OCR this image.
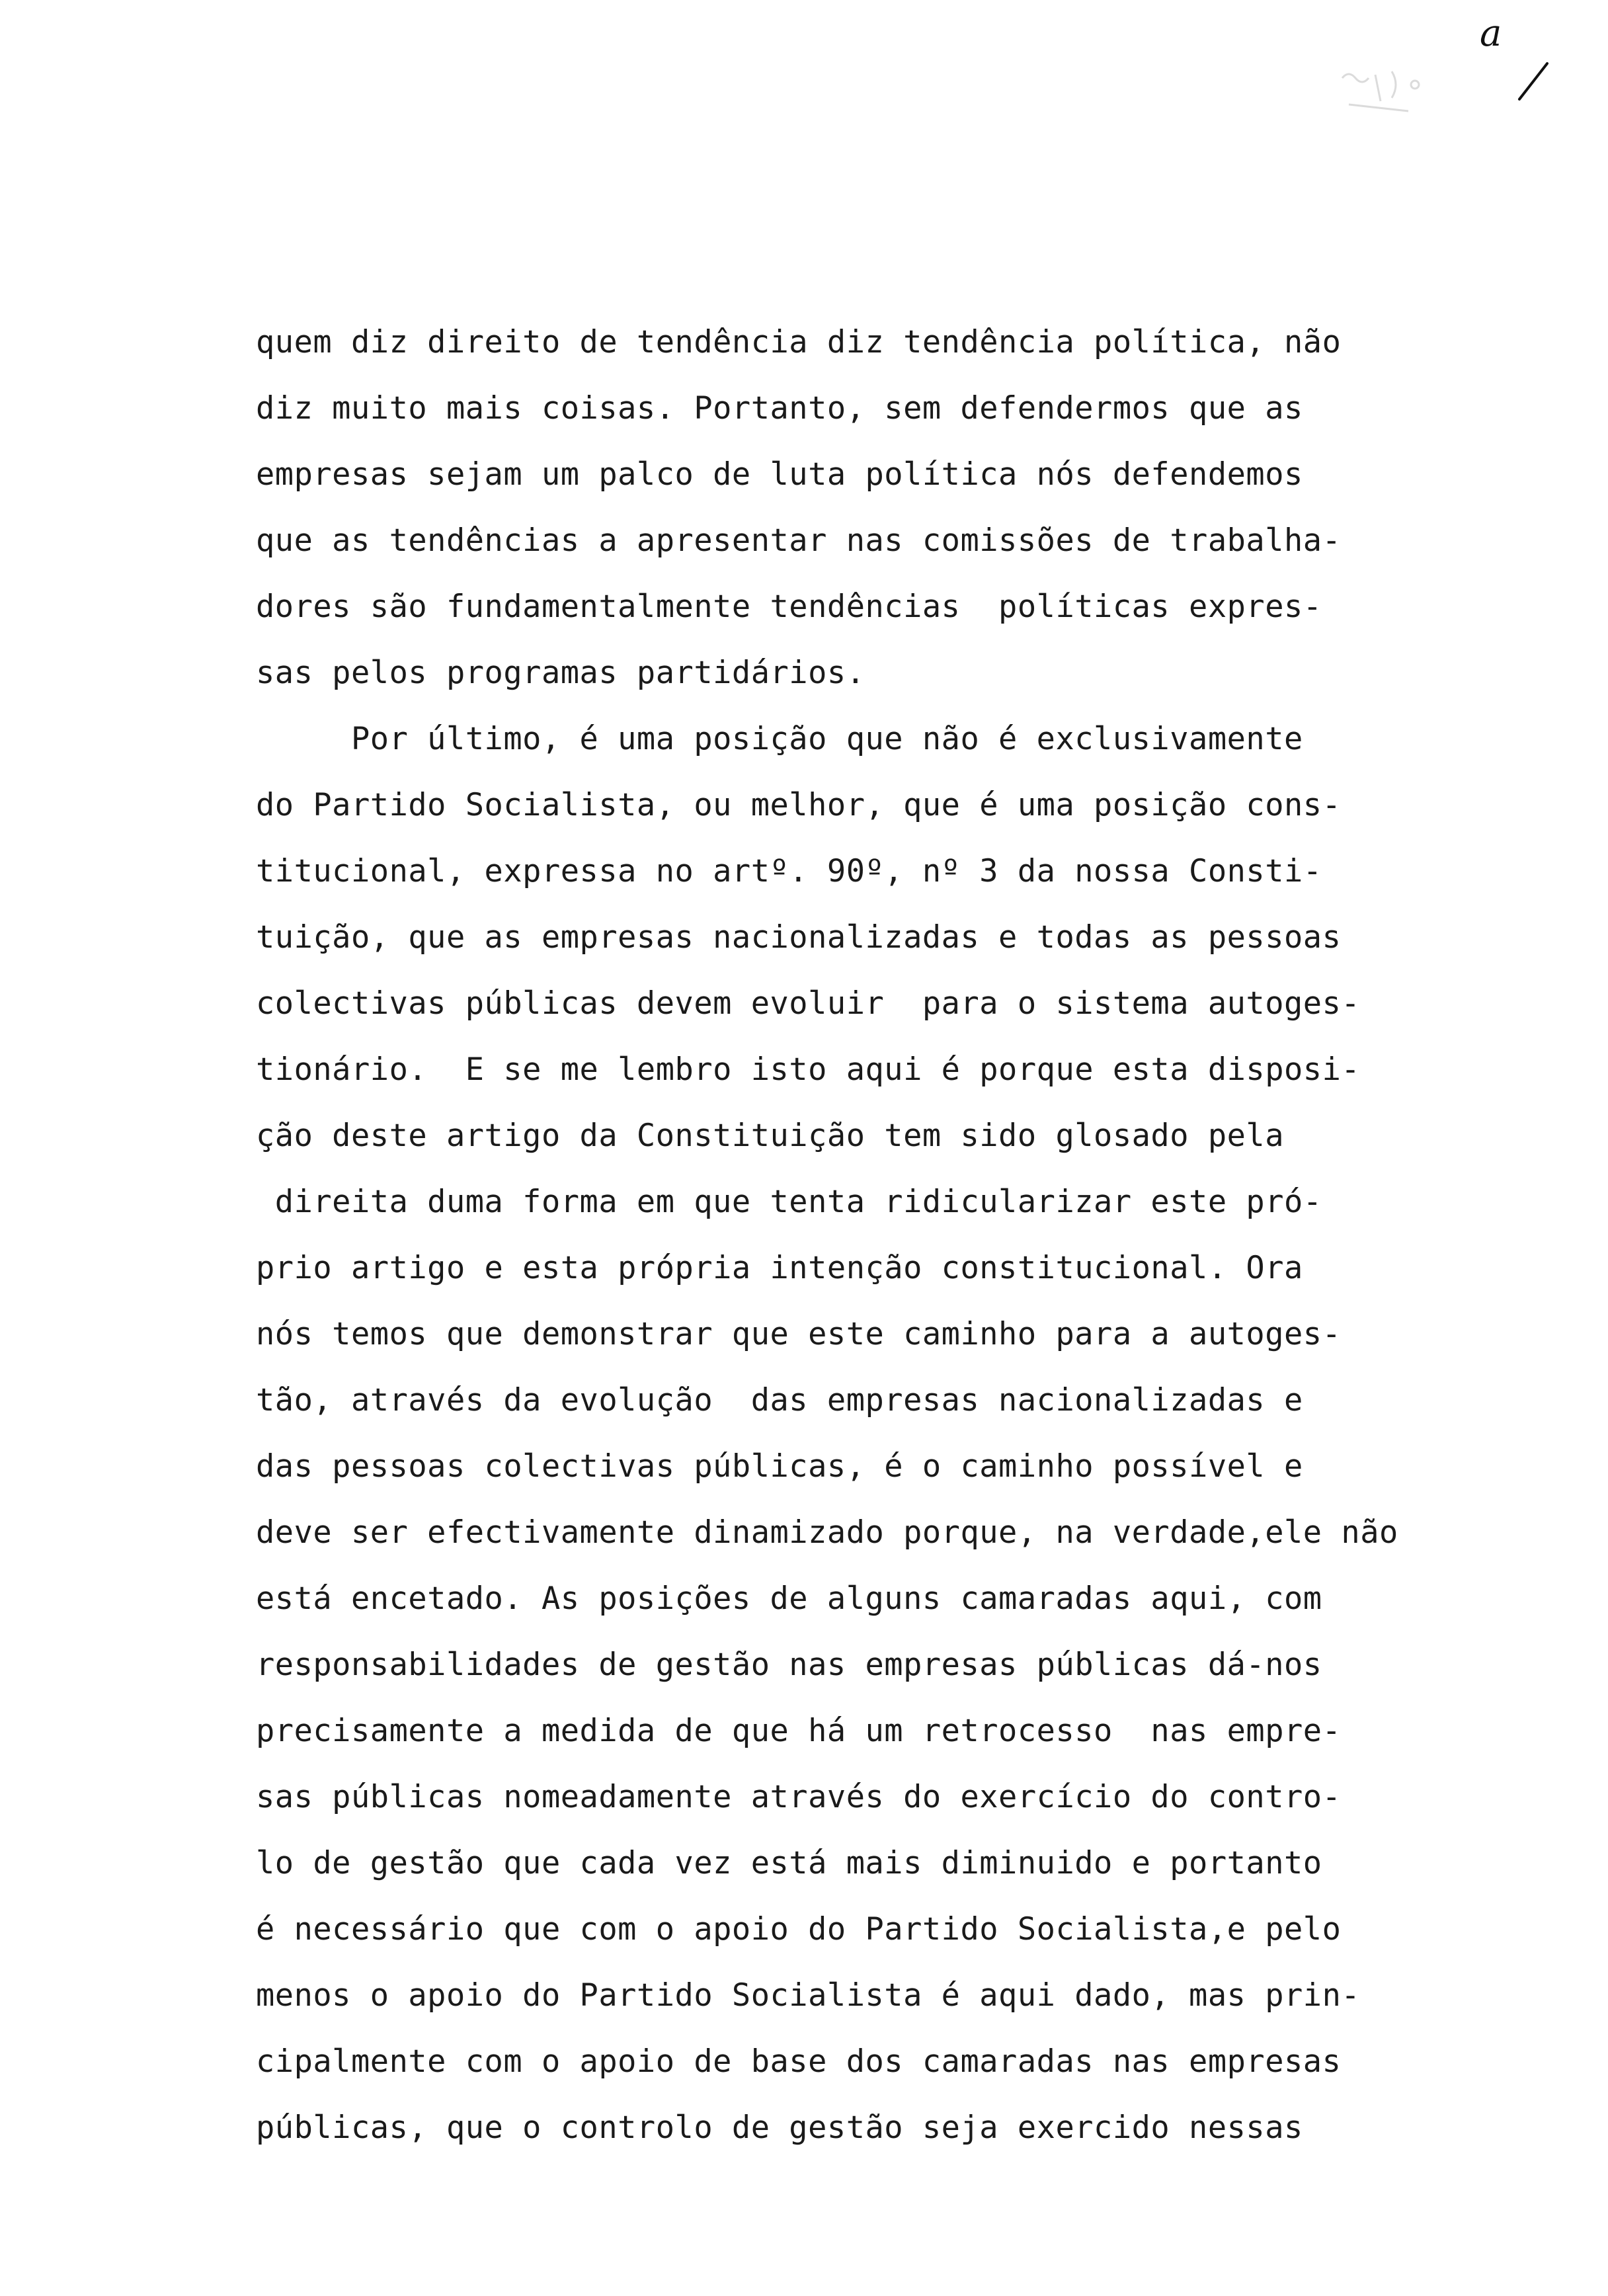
a
quem diz direito de tendência diz tendência política, não
diz muito mais coisas. Portanto, sem defendermos que as
empresas sejam um palco de luta política nós defendemos
que as tendências a apresentar nas comissões de trabalha-
dores são fundamentalmente tendências  políticas expres-
sas pelos programas partidários.
Por último, é uma posição que não é exclusivamente
do Partido Socialista, ou melhor, que é uma posição cons-
titucional, expressa no artº. 90º, nº 3 da nossa Consti-
tuição, que as empresas nacionalizadas e todas as pessoas
colectivas públicas devem evoluir  para o sistema autoges-
tionário.  E se me lembro isto aqui é porque esta disposi-
ção deste artigo da Constituição tem sido glosado pela
direita duma forma em que tenta ridicularizar este pró-
prio artigo e esta própria intenção constitucional. Ora
nós temos que demonstrar que este caminho para a autoges-
tão, através da evolução  das empresas nacionalizadas e
das pessoas colectivas públicas, é o caminho possível e
deve ser efectivamente dinamizado porque, na verdade,ele não
está encetado. As posições de alguns camaradas aqui, com
responsabilidades de gestão nas empresas públicas dá-nos
precisamente a medida de que há um retrocesso  nas empre-
sas públicas nomeadamente através do exercício do contro-
lo de gestão que cada vez está mais diminuido e portanto
é necessário que com o apoio do Partido Socialista,e pelo
menos o apoio do Partido Socialista é aqui dado, mas prin-
cipalmente com o apoio de base dos camaradas nas empresas
públicas, que o controlo de gestão seja exercido nessas
